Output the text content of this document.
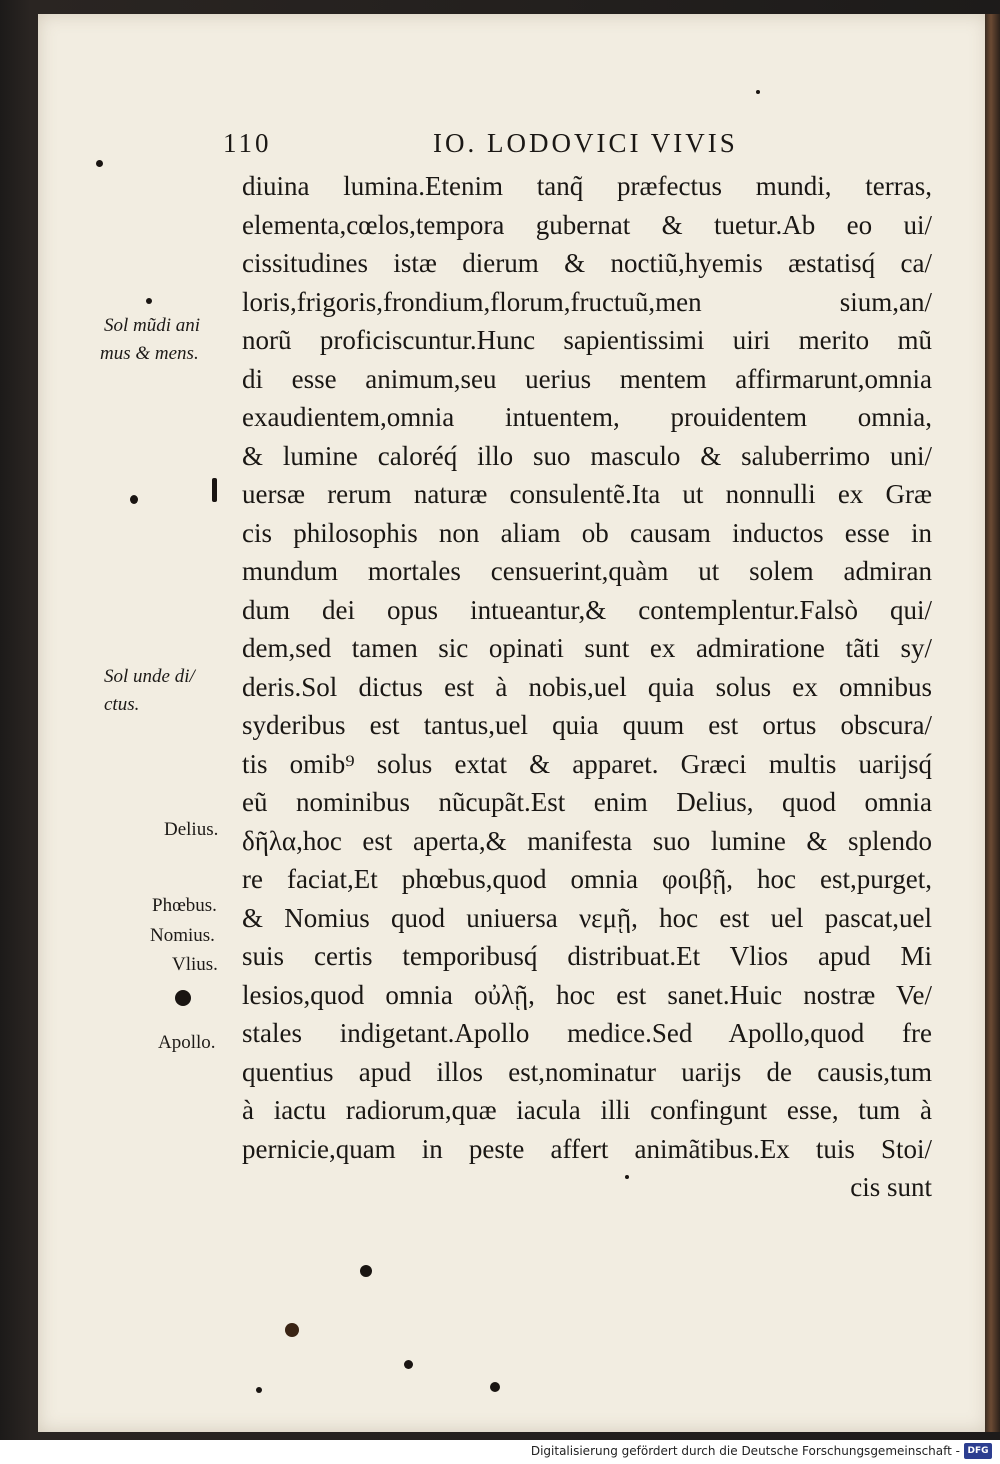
110	IO. LODOVICI VIVIS
diuina lumina.Etenim tanq̃ præfectus mundi, terras,
elementa,cœlos,tempora gubernat & tuetur.Ab eo ui/
cissitudines istæ dierum & noctiũ,hyemis æstatisq́ ca/
loris,frigoris,frondium,florum,fructuũ,men sium,an/
norũ proficiscuntur.Hunc sapientissimi uiri merito mũ
di esse animum,seu uerius mentem affirmarunt,omnia
exaudientem,omnia intuentem, prouidentem omnia,
& lumine caloréq́ illo suo masculo & saluberrimo uni/
uersæ rerum naturæ consulentẽ.Ita ut nonnulli ex Græ
cis philosophis non aliam ob causam inductos esse in
mundum mortales censuerint,quàm ut solem admiran
dum dei opus intueantur,& contemplentur.Falsò qui/
dem,sed tamen sic opinati sunt ex admiratione tãti sy/
deris.Sol dictus est à nobis,uel quia solus ex omnibus
syderibus est tantus,uel quia quum est ortus obscura/
tis omib⁹ solus extat & apparet. Græci multis uarijsq́
eũ nominibus nũcupãt.Est enim Delius, quod omnia
δῆλα,hoc est aperta,& manifesta suo lumine & splendo
re faciat,Et phœbus,quod omnia φοιβῇ, hoc est,purget,
& Nomius quod uniuersa νεμῇ, hoc est uel pascat,uel
suis certis temporibusq́ distribuat.Et Vlios apud Mi
lesios,quod omnia οὐλῇ, hoc est sanet.Huic nostræ Ve/
stales indigetant.Apollo medice.Sed Apollo,quod fre
quentius apud illos est,nominatur uarijs de causis,tum
à iactu radiorum,quæ iacula illi confingunt esse, tum à
pernicie,quam in peste affert animãtibus.Ex tuis Stoi/
cis sunt
Sol mũdi ani
mus & mens.
Sol unde di/
ctus.
Delius.
Phœbus.
Nomius.
Vlius.
Apollo.
Digitalisierung gefördert durch die Deutsche Forschungsgemeinschaft - DFG
